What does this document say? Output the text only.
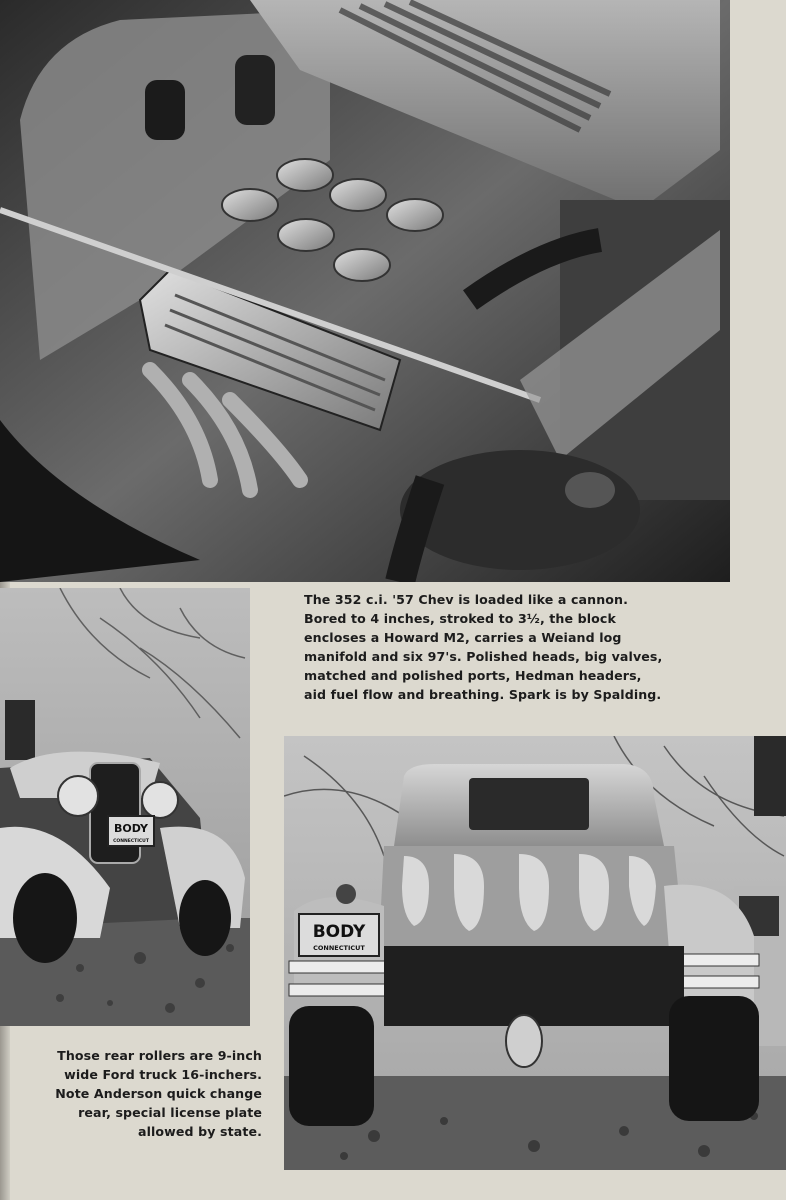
BODY
CONNECTICUT
BODY
CONNECTICUT

The 352 c.i. '57 Chev is loaded like a cannon.

Bored to 4 inches, stroked to 3½, the block

encloses a Howard M2, carries a Weiand log

manifold and six 97's. Polished heads, big valves,

matched and polished ports, Hedman headers,

aid fuel flow and breathing. Spark is by Spalding.

Those rear rollers are 9-inch

wide Ford truck 16-inchers.

Note Anderson quick change

rear, special license plate

allowed by state.
